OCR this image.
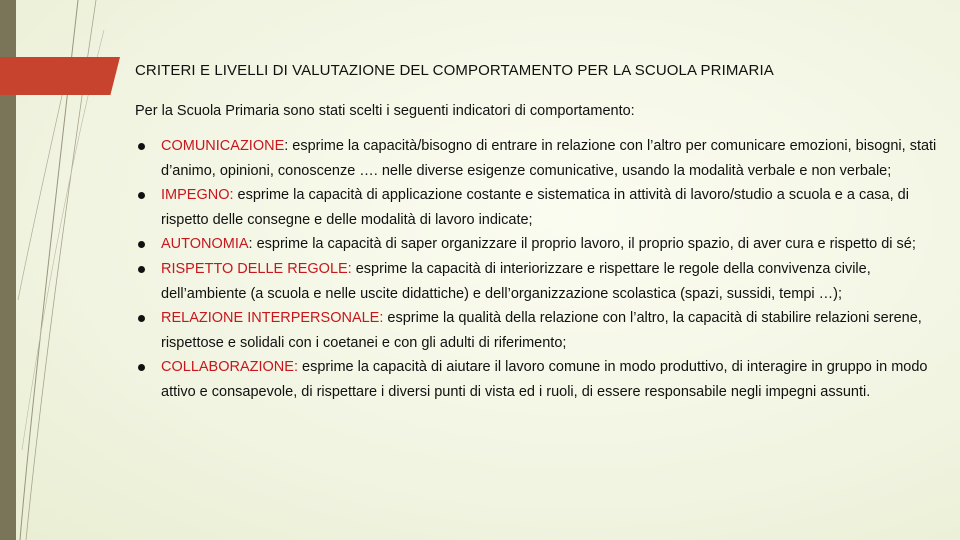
CRITERI E LIVELLI DI VALUTAZIONE DEL COMPORTAMENTO PER LA SCUOLA PRIMARIA

Per la Scuola Primaria sono stati scelti i seguenti indicatori di comportamento:

COMUNICAZIONE: esprime la capacità/bisogno di entrare in relazione con l’altro per comunicare emozioni, bisogni, stati d’animo, opinioni, conoscenze …. nelle diverse esigenze comunicative, usando la modalità verbale e non verbale;
IMPEGNO: esprime la capacità di applicazione costante e sistematica in attività di lavoro/studio a scuola e a casa, di rispetto delle consegne e delle modalità di lavoro indicate;
AUTONOMIA: esprime la capacità di saper organizzare il proprio lavoro, il proprio spazio, di aver cura e rispetto di sé;
RISPETTO DELLE REGOLE: esprime la capacità di interiorizzare e rispettare le regole della convivenza civile, dell’ambiente (a scuola e nelle uscite didattiche) e dell’organizzazione scolastica (spazi, sussidi, tempi …);
RELAZIONE INTERPERSONALE: esprime la qualità della relazione con l’altro, la capacità di stabilire relazioni serene, rispettose e solidali con i coetanei e con gli adulti di riferimento;
COLLABORAZIONE: esprime la capacità di aiutare il lavoro comune in modo produttivo, di interagire in gruppo in modo attivo e consapevole, di rispettare i diversi punti di vista ed i ruoli, di essere responsabile negli impegni assunti.
